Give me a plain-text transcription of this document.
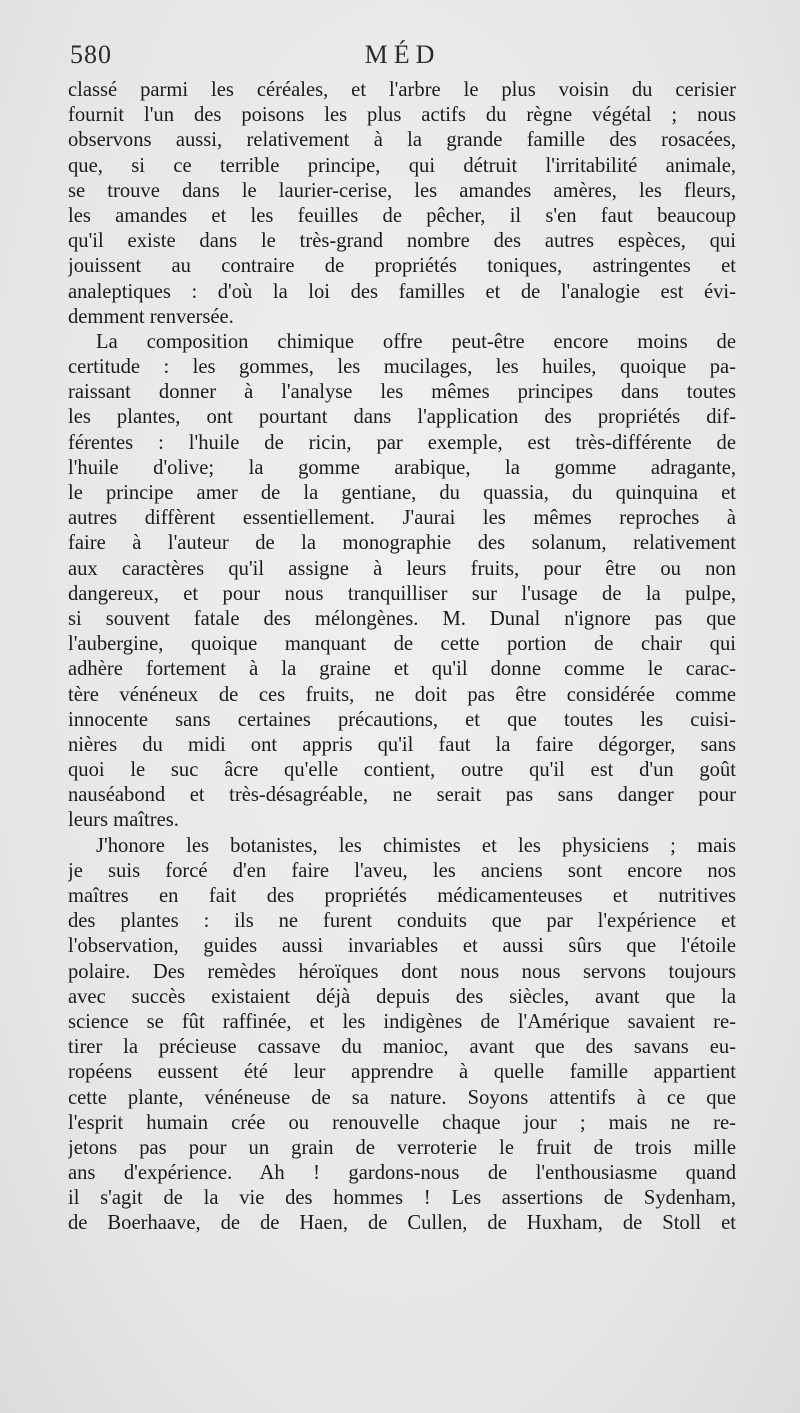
580	MÉD
classé parmi les céréales, et l'arbre le plus voisin du cerisier
fournit l'un des poisons les plus actifs du règne végétal ; nous
observons aussi, relativement à la grande famille des rosacées,
que, si ce terrible principe, qui détruit l'irritabilité animale,
se trouve dans le laurier-cerise, les amandes amères, les fleurs,
les amandes et les feuilles de pêcher, il s'en faut beaucoup
qu'il existe dans le très-grand nombre des autres espèces, qui
jouissent au contraire de propriétés toniques, astringentes et
analeptiques : d'où la loi des familles et de l'analogie est évi-
demment renversée.
La composition chimique offre peut-être encore moins de
certitude : les gommes, les mucilages, les huiles, quoique pa-
raissant donner à l'analyse les mêmes principes dans toutes
les plantes, ont pourtant dans l'application des propriétés dif-
férentes : l'huile de ricin, par exemple, est très-différente de
l'huile d'olive; la gomme arabique, la gomme adragante,
le principe amer de la gentiane, du quassia, du quinquina et
autres diffèrent essentiellement. J'aurai les mêmes reproches à
faire à l'auteur de la monographie des solanum, relativement
aux caractères qu'il assigne à leurs fruits, pour être ou non
dangereux, et pour nous tranquilliser sur l'usage de la pulpe,
si souvent fatale des mélongènes. M. Dunal n'ignore pas que
l'aubergine, quoique manquant de cette portion de chair qui
adhère fortement à la graine et qu'il donne comme le carac-
tère vénéneux de ces fruits, ne doit pas être considérée comme
innocente sans certaines précautions, et que toutes les cuisi-
nières du midi ont appris qu'il faut la faire dégorger, sans
quoi le suc âcre qu'elle contient, outre qu'il est d'un goût
nauséabond et très-désagréable, ne serait pas sans danger pour
leurs maîtres.
J'honore les botanistes, les chimistes et les physiciens ; mais
je suis forcé d'en faire l'aveu, les anciens sont encore nos
maîtres en fait des propriétés médicamenteuses et nutritives
des plantes : ils ne furent conduits que par l'expérience et
l'observation, guides aussi invariables et aussi sûrs que l'étoile
polaire. Des remèdes héroïques dont nous nous servons toujours
avec succès existaient déjà depuis des siècles, avant que la
science se fût raffinée, et les indigènes de l'Amérique savaient re-
tirer la précieuse cassave du manioc, avant que des savans eu-
ropéens eussent été leur apprendre à quelle famille appartient
cette plante, vénéneuse de sa nature. Soyons attentifs à ce que
l'esprit humain crée ou renouvelle chaque jour ; mais ne re-
jetons pas pour un grain de verroterie le fruit de trois mille
ans d'expérience. Ah ! gardons-nous de l'enthousiasme quand
il s'agit de la vie des hommes ! Les assertions de Sydenham,
de Boerhaave, de de Haen, de Cullen, de Huxham, de Stoll et
